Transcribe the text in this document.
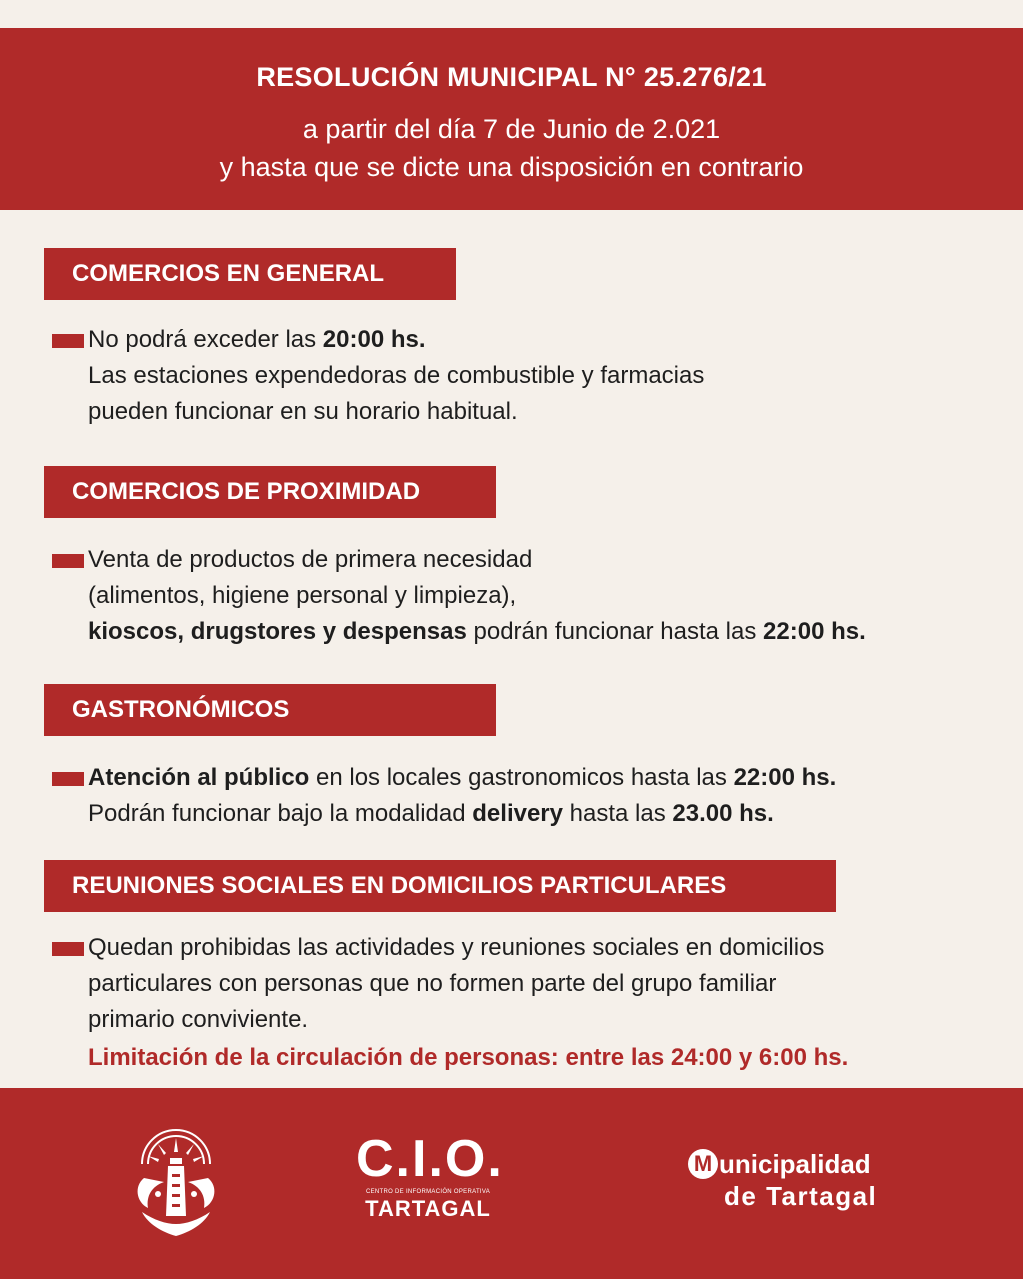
RESOLUCIÓN MUNICIPAL N° 25.276/21
a partir del día 7 de Junio de 2.021
y hasta que se dicte una disposición en contrario
COMERCIOS EN GENERAL
No podrá exceder las 20:00 hs.
Las estaciones expendedoras de combustible y farmacias
pueden funcionar en su horario habitual.
COMERCIOS DE PROXIMIDAD
Venta de productos de primera necesidad
(alimentos, higiene personal y limpieza),
kioscos, drugstores y despensas podrán funcionar hasta las 22:00 hs.
GASTRONÓMICOS
Atención al público en los locales gastronomicos hasta las 22:00 hs.
Podrán funcionar bajo la modalidad delivery hasta las 23.00 hs.
REUNIONES SOCIALES EN DOMICILIOS PARTICULARES
Quedan prohibidas las actividades y reuniones sociales en domicilios
particulares con personas que no formen parte del grupo familiar
primario conviviente.
Limitación de la circulación de personas: entre las 24:00 y 6:00 hs.
C.I.O.
CENTRO DE INFORMACIÓN OPERATIVA
TARTAGAL
M unicipalidad
de Tartagal
